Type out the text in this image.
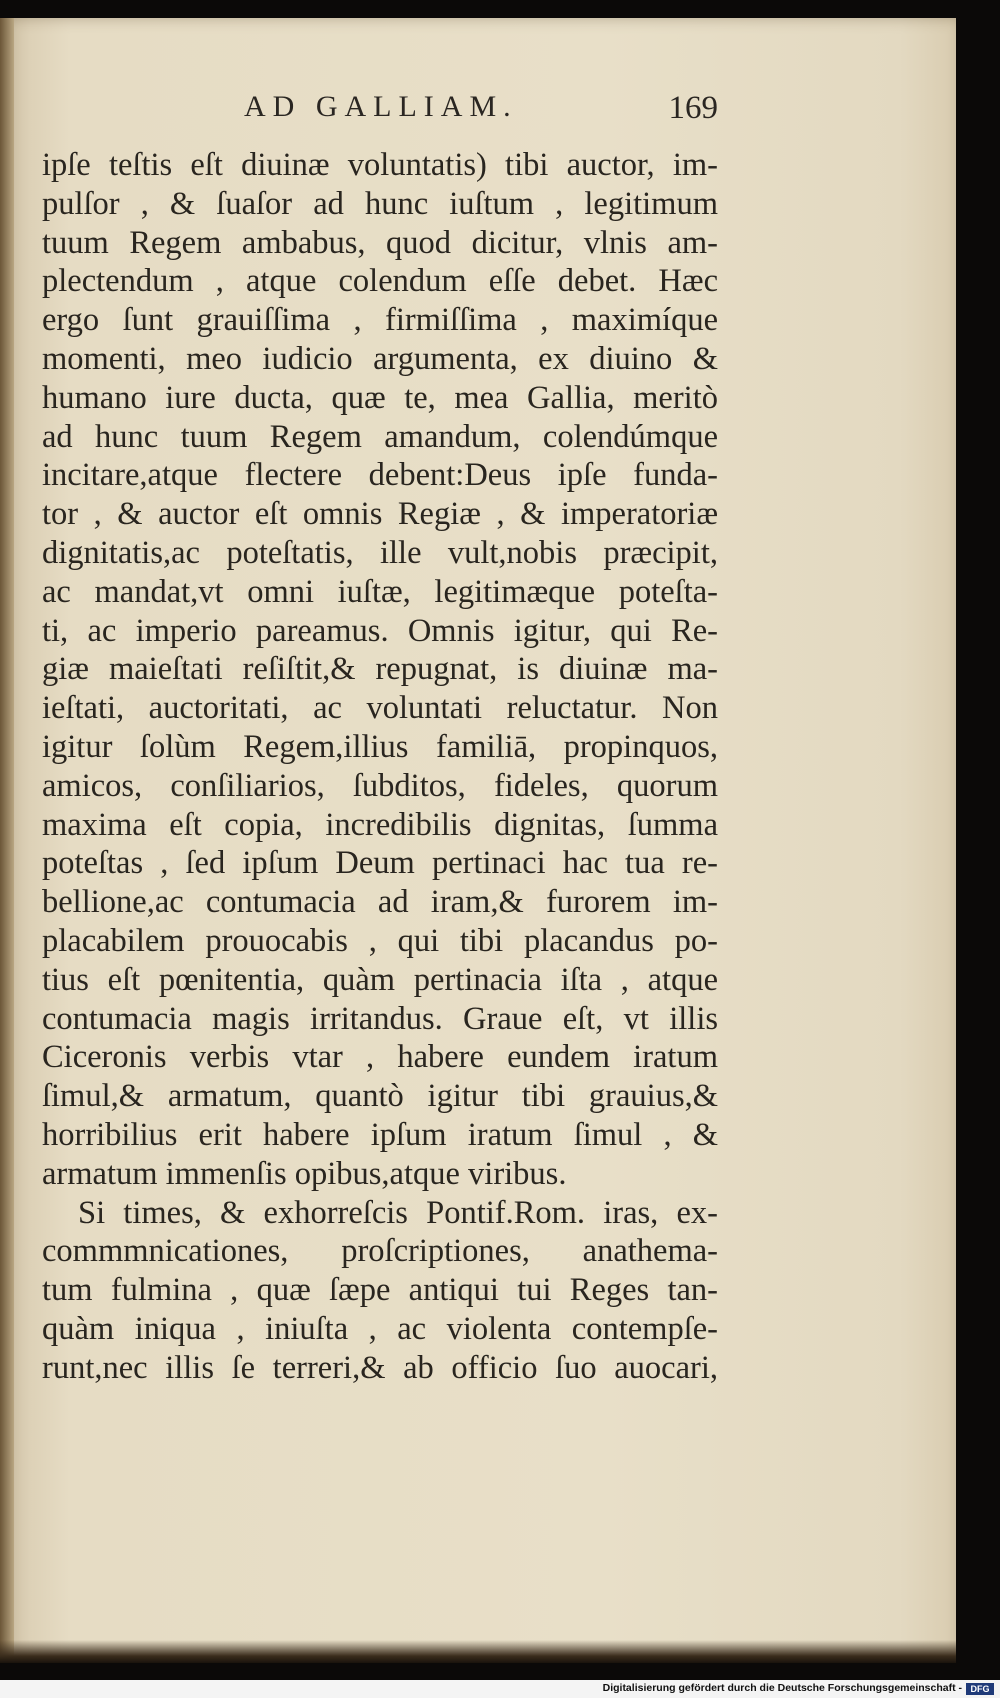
AD GALLIAM.	169
ipſe teſtis eſt diuinæ voluntatis) tibi auctor, im-
pulſor , & ſuaſor ad hunc iuſtum , legitimum
tuum Regem ambabus, quod dicitur, vlnis am-
plectendum , atque colendum eſſe debet. Hæc
ergo ſunt grauiſſima , firmiſſima , maximíque
momenti, meo iudicio argumenta, ex diuino &
humano iure ducta, quæ te, mea Gallia, meritò
ad hunc tuum Regem amandum, colendúmque
incitare,atque flectere debent:Deus ipſe funda-
tor , & auctor eſt omnis Regiæ , & imperatoriæ
dignitatis,ac poteſtatis, ille vult,nobis præcipit,
ac mandat,vt omni iuſtæ, legitimæque poteſta-
ti, ac imperio pareamus. Omnis igitur, qui Re-
giæ maieſtati reſiſtit,& repugnat, is diuinæ ma-
ieſtati, auctoritati, ac voluntati reluctatur. Non
igitur ſolùm Regem,illius familiā, propinquos,
amicos, conſiliarios, ſubditos, fideles, quorum
maxima eſt copia, incredibilis dignitas, ſumma
poteſtas , ſed ipſum Deum pertinaci hac tua re-
bellione,ac contumacia ad iram,& furorem im-
placabilem prouocabis , qui tibi placandus po-
tius eſt pœnitentia, quàm pertinacia iſta , atque
contumacia magis irritandus. Graue eſt, vt illis
Ciceronis verbis vtar , habere eundem iratum
ſimul,& armatum, quantò igitur tibi grauius,&
horribilius erit habere ipſum iratum ſimul , &
armatum immenſis opibus,atque viribus.
Si times, & exhorreſcis Pontif.Rom. iras, ex-
commmnicationes, proſcriptiones, anathema-
tum fulmina , quæ ſæpe antiqui tui Reges tan-
quàm iniqua , iniuſta , ac violenta contempſe-
runt,nec illis ſe terreri,& ab officio ſuo auocari,
Digitalisierung gefördert durch die Deutsche Forschungsgemeinschaft - DFG
